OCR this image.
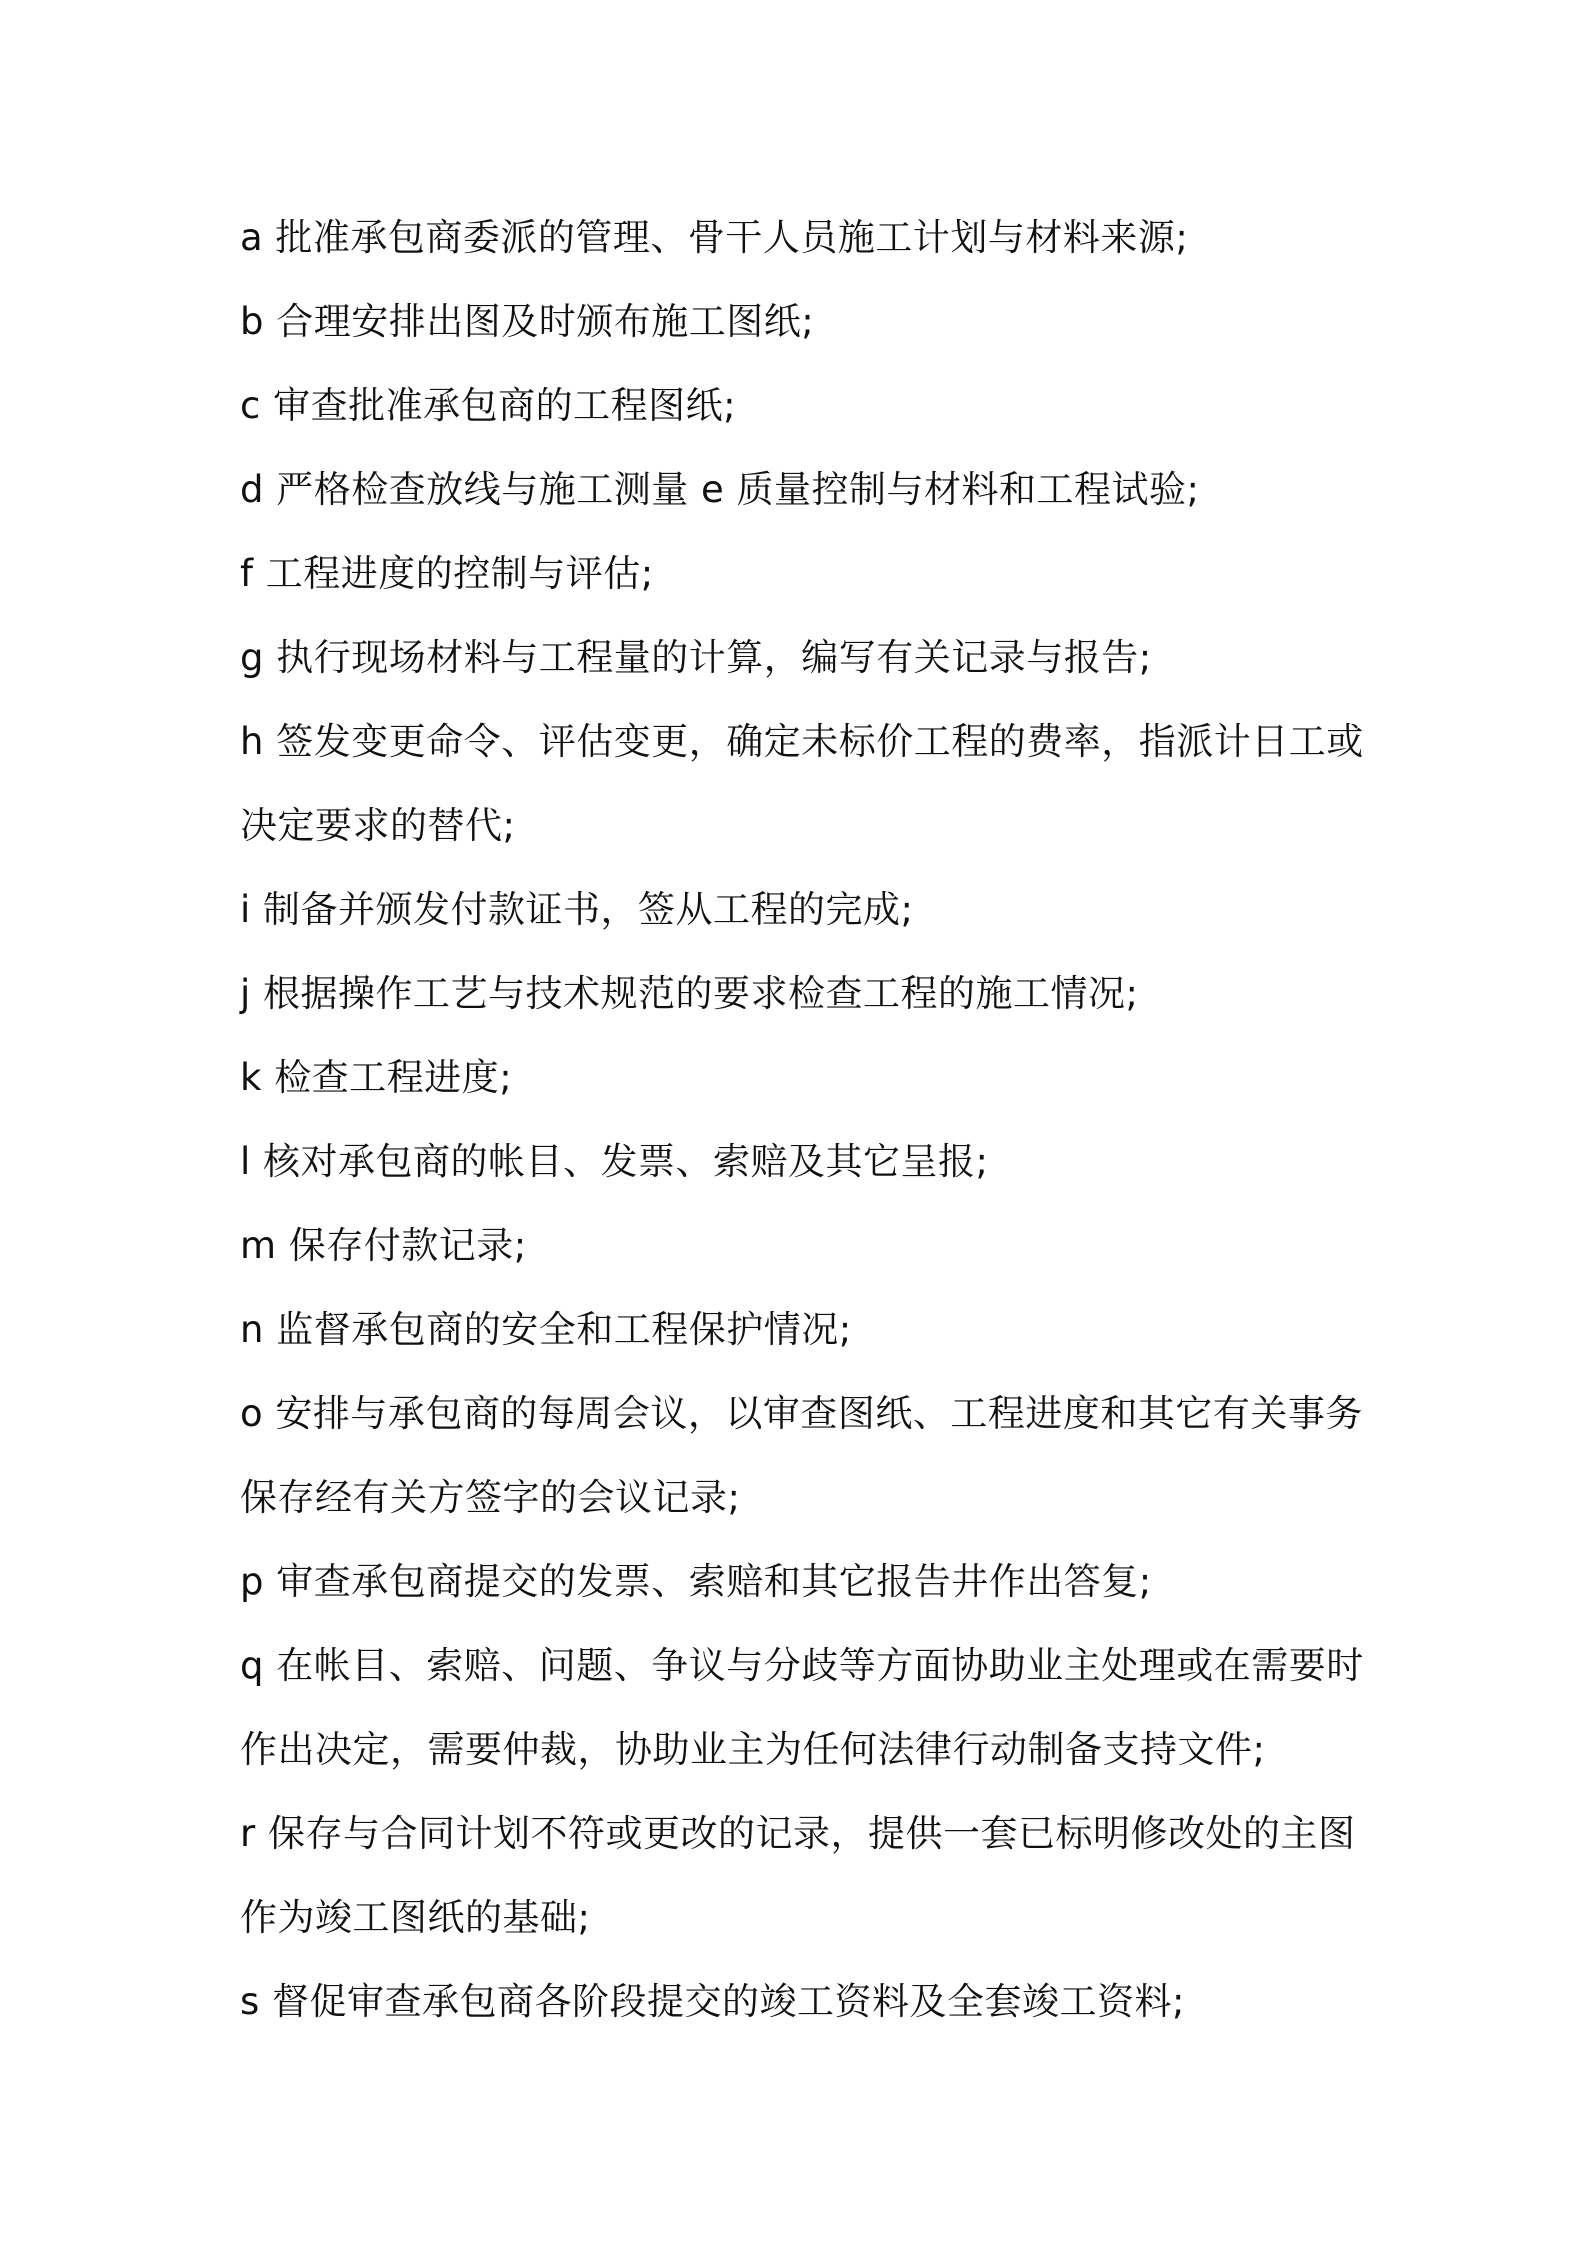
a 批准承包商委派的管理、骨干人员施工计划与材料来源;
b 合理安排出图及时颁布施工图纸;
c 审查批准承包商的工程图纸;
d 严格检查放线与施工测量 e 质量控制与材料和工程试验;
f 工程进度的控制与评估;
g 执行现场材料与工程量的计算，编写有关记录与报告;
h 签发变更命令、评估变更，确定未标价工程的费率，指派计日工或
决定要求的替代;
i 制备并颁发付款证书，签从工程的完成;
j 根据操作工艺与技术规范的要求检查工程的施工情况;
k 检查工程进度;
l 核对承包商的帐目、发票、索赔及其它呈报;
m 保存付款记录;
n 监督承包商的安全和工程保护情况;
o 安排与承包商的每周会议，以审查图纸、工程进度和其它有关事务
保存经有关方签字的会议记录;
p 审查承包商提交的发票、索赔和其它报告井作出答复;
q 在帐目、索赔、问题、争议与分歧等方面协助业主处理或在需要时
作出决定，需要仲裁，协助业主为任何法律行动制备支持文件;
r 保存与合同计划不符或更改的记录，提供一套已标明修改处的主图
作为竣工图纸的基础;
s 督促审查承包商各阶段提交的竣工资料及全套竣工资料;
